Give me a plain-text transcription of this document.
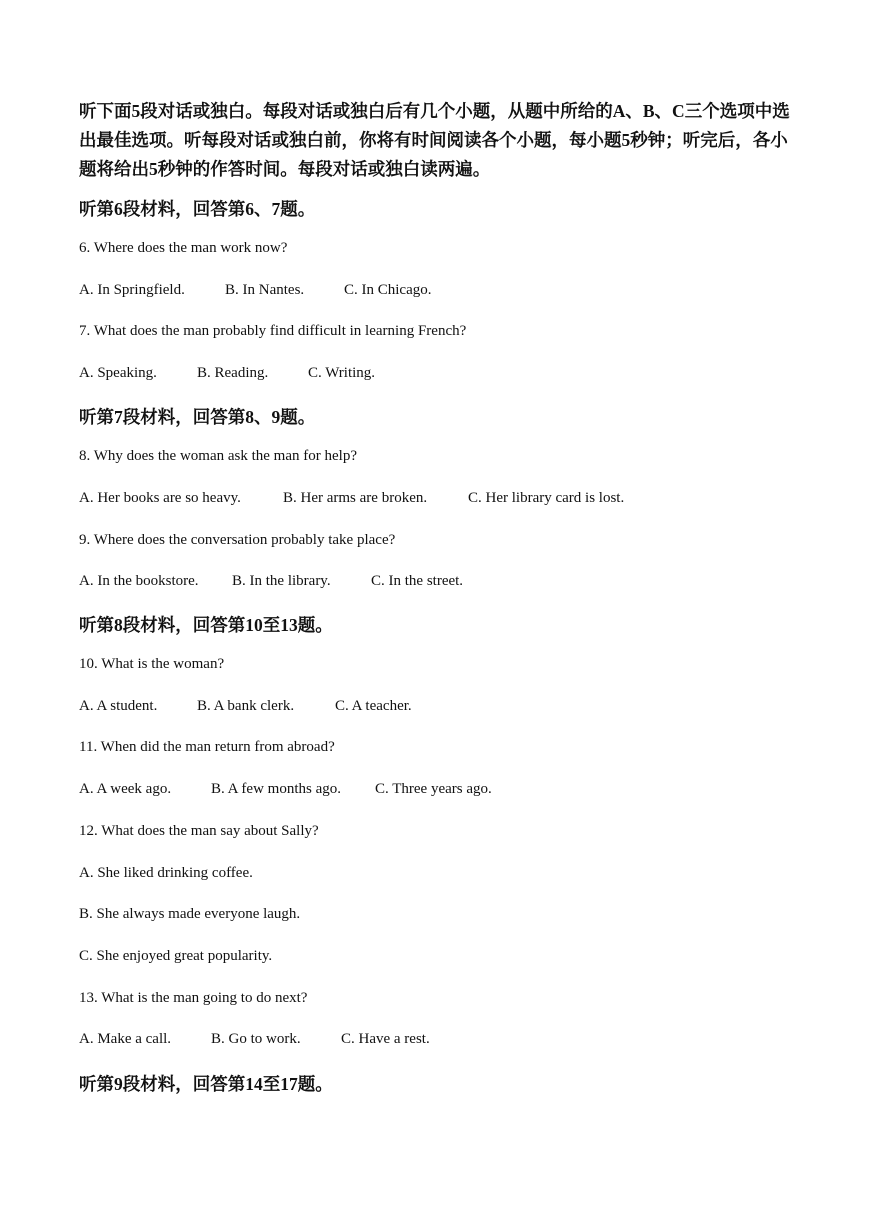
听下面5段对话或独白。每段对话或独白后有几个小题，从题中所给的A、B、C三个选项中选出最佳选项。听每段对话或独白前，你将有时间阅读各个小题，每小题5秒钟；听完后，各小题将给出5秒钟的作答时间。每段对话或独白读两遍。

听第6段材料，回答第6、7题。

6. Where does the man work now?

A. In Springfield.	B. In Nantes.	C. In Chicago.

7. What does the man probably find difficult in learning French?

A. Speaking.	B. Reading.	C. Writing.

听第7段材料，回答第8、9题。

8. Why does the woman ask the man for help?

A. Her books are so heavy.	B. Her arms are broken.	C. Her library card is lost.

9. Where does the conversation probably take place?

A. In the bookstore. B. In the library.	C. In the street.

听第8段材料，回答第10至13题。

10. What is the woman?

A. A student.	B. A bank clerk.	C. A teacher.

11. When did the man return from abroad?

A. A week ago.	B. A few months ago. C. Three years ago.

12. What does the man say about Sally?

A. She liked drinking coffee.

B. She always made everyone laugh.

C. She enjoyed great popularity.

13. What is the man going to do next?

A. Make a call.	B. Go to work.	C. Have a rest.

听第9段材料，回答第14至17题。
